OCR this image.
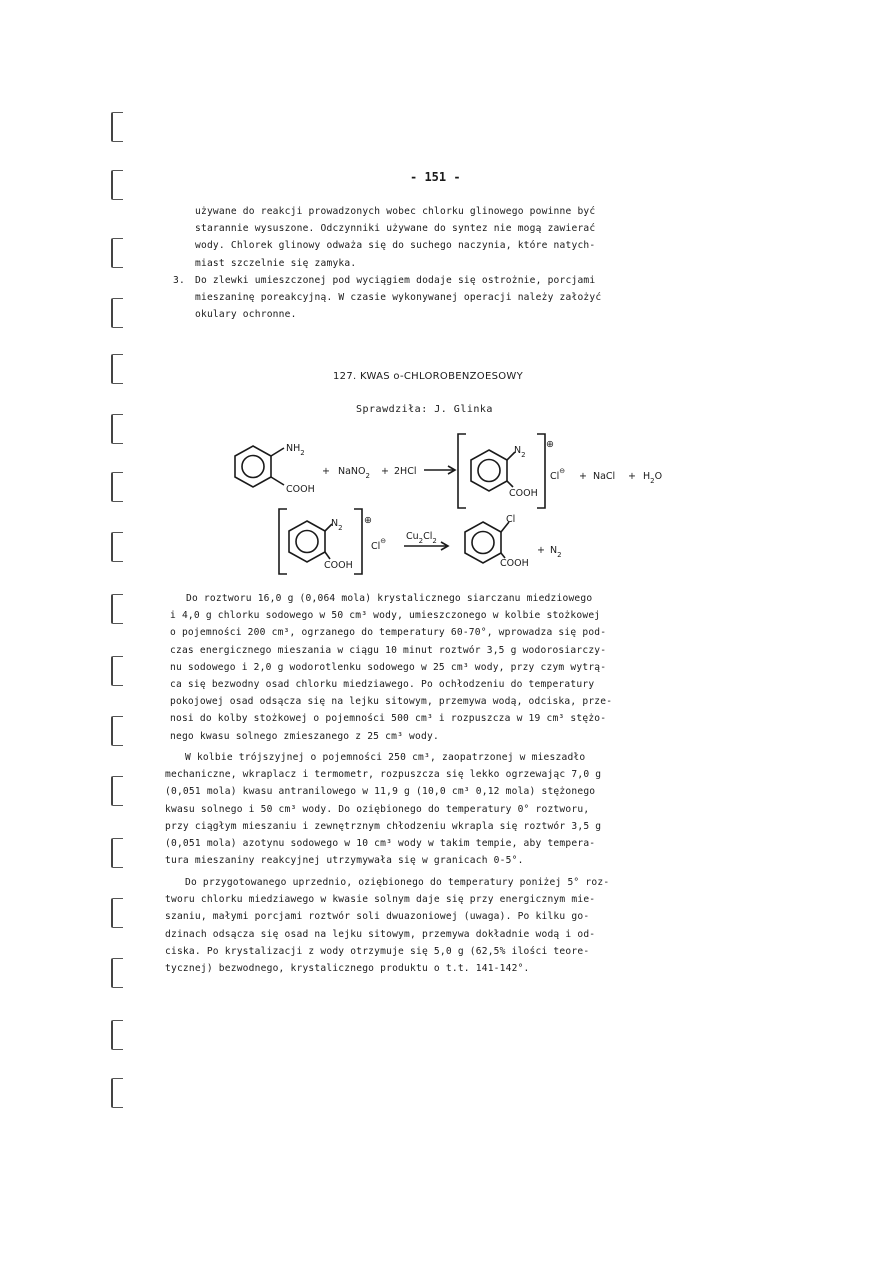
- 151 -
używane do reakcji prowadzonych wobec chlorku glinowego powinne być
starannie wysuszone. Odczynniki używane do syntez nie mogą zawierać
wody. Chlorek glinowy odważa się do suchego naczynia, które natych-
miast szczelnie się zamyka.
3. Do zlewki umieszczonej pod wyciągiem dodaje się ostrożnie, porcjami
mieszaninę poreakcyjną. W czasie wykonywanej operacji należy założyć
okulary ochronne.
127. KWAS o-CHLOROBENZOESOWY
Sprawdziła: J. Glinka
$NH_2$
COOH
+ NaNO$_2$ + 2HCl
$N_2$
COOH
⊕
Cl⊖ + NaCl + $H_2O$
$N_2$
COOH
⊕
Cl⊖ $Cu_2Cl_2$
Cl
COOH
+ $N_2$
Do roztworu 16,0 g (0,064 mola) krystalicznego siarczanu miedziowego
i 4,0 g chlorku sodowego w 50 cm³ wody, umieszczonego w kolbie stożkowej
o pojemności 200 cm³, ogrzanego do temperatury 60-70°, wprowadza się pod-
czas energicznego mieszania w ciągu 10 minut roztwór 3,5 g wodorosiarczy-
nu sodowego i 2,0 g wodorotlenku sodowego w 25 cm³ wody, przy czym wytrą-
ca się bezwodny osad chlorku miedziawego. Po ochłodzeniu do temperatury
pokojowej osad odsącza się na lejku sitowym, przemywa wodą, odciska, prze-
nosi do kolby stożkowej o pojemności 500 cm³ i rozpuszcza w 19 cm³ stężo-
nego kwasu solnego zmieszanego z 25 cm³ wody.
W kolbie trójszyjnej o pojemności 250 cm³, zaopatrzonej w mieszadło
mechaniczne, wkraplacz i termometr, rozpuszcza się lekko ogrzewając 7,0 g
(0,051 mola) kwasu antranilowego w 11,9 g (10,0 cm³ 0,12 mola) stężonego
kwasu solnego i 50 cm³ wody. Do oziębionego do temperatury 0° roztworu,
przy ciągłym mieszaniu i zewnętrznym chłodzeniu wkrapla się roztwór 3,5 g
(0,051 mola) azotynu sodowego w 10 cm³ wody w takim tempie, aby tempera-
tura mieszaniny reakcyjnej utrzymywała się w granicach 0-5°.
Do przygotowanego uprzednio, oziębionego do temperatury poniżej 5° roz-
tworu chlorku miedziawego w kwasie solnym daje się przy energicznym mie-
szaniu, małymi porcjami roztwór soli dwuazoniowej (uwaga). Po kilku go-
dzinach odsącza się osad na lejku sitowym, przemywa dokładnie wodą i od-
ciska. Po krystalizacji z wody otrzymuje się 5,0 g (62,5% ilości teore-
tycznej) bezwodnego, krystalicznego produktu o t.t. 141-142°.
